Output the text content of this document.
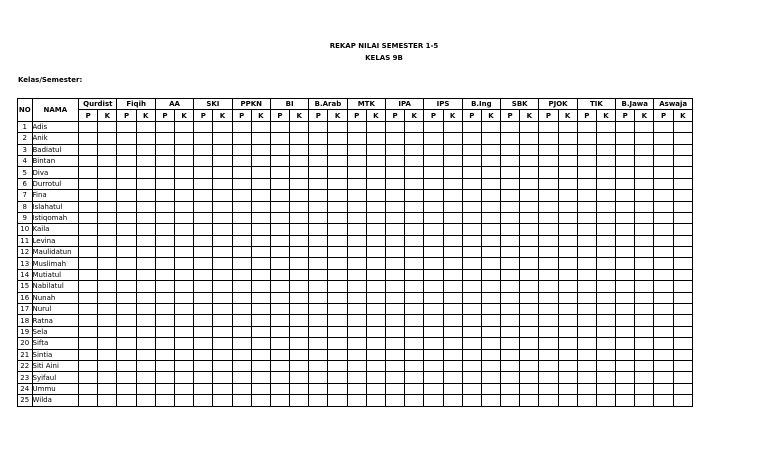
REKAP NILAI SEMESTER 1-5
KELAS 9B
Kelas/Semester:
NO	NAMA	Qurdist		Fiqih		AA		SKI		PPKN		BI		B.Arab		MTK		IPA		IPS		B.Ing		SBK		PJOK		TIK		B.Jawa		Aswaja	
		P	K	P	K	P	K	P	K	P	K	P	K	P	K	P	K	P	K	P	K	P	K	P	K	P	K	P	K	P	K	P	K
1	Adis																																
2	Anik																																
3	Badiatul																																
4	Bintan																																
5	Diva																																
6	Durrotul																																
7	Fina																																
8	Islahatul																																
9	Istiqomah																																
10	Kaila																																
11	Levina																																
12	Maulidatun																																
13	Muslimah																																
14	Mutiatul																																
15	Nabilatul																																
16	Nunah																																
17	Nurul																																
18	Ratna																																
19	Sela																																
20	Sifta																																
21	Sintia																																
22	Siti Aini																																
23	Syifaul																																
24	Ummu																																
25	Wilda																																
